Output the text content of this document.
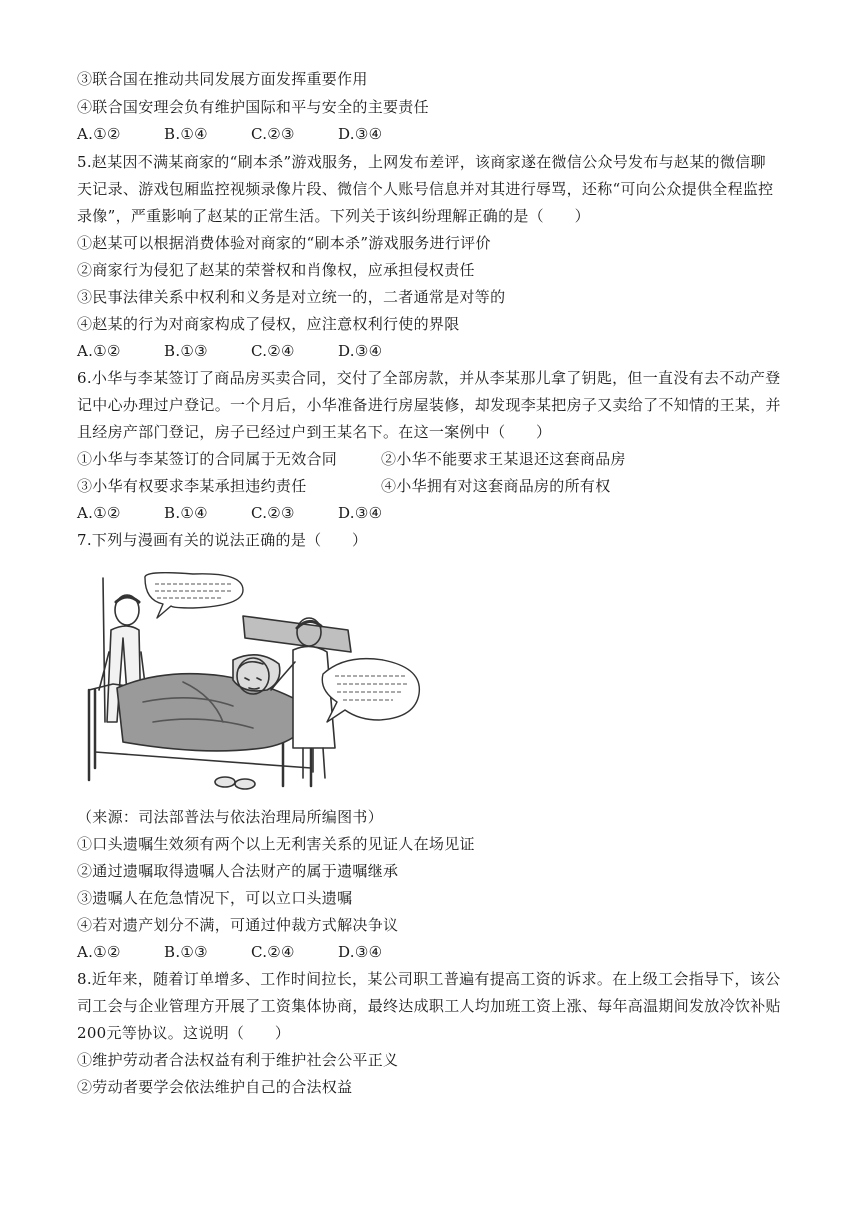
③联合国在推动共同发展方面发挥重要作用
④联合国安理会负有维护国际和平与安全的主要责任
A.①②	B.①④	C.②③	D.③④
5.赵某因不满某商家的“刷本杀”游戏服务，上网发布差评，该商家遂在微信公众号发布与赵某的微信聊
天记录、游戏包厢监控视频录像片段、微信个人账号信息并对其进行辱骂，还称“可向公众提供全程监控
录像”，严重影响了赵某的正常生活。下列关于该纠纷理解正确的是（　　）
①赵某可以根据消费体验对商家的“刷本杀”游戏服务进行评价
②商家行为侵犯了赵某的荣誉权和肖像权，应承担侵权责任
③民事法律关系中权利和义务是对立统一的，二者通常是对等的
④赵某的行为对商家构成了侵权，应注意权利行使的界限
A.①②	B.①③	C.②④	D.③④
6.小华与李某签订了商品房买卖合同，交付了全部房款，并从李某那儿拿了钥匙，但一直没有去不动产登
记中心办理过户登记。一个月后，小华准备进行房屋装修，却发现李某把房子又卖给了不知情的王某，并
且经房产部门登记，房子已经过户到王某名下。在这一案例中（　　）
①小华与李某签订的合同属于无效合同	②小华不能要求王某退还这套商品房
③小华有权要求李某承担违约责任	④小华拥有对这套商品房的所有权
A.①②	B.①④	C.②③	D.③④
7.下列与漫画有关的说法正确的是（　　）
（来源：司法部普法与依法治理局所编图书）
①口头遗嘱生效须有两个以上无利害关系的见证人在场见证
②通过遗嘱取得遗嘱人合法财产的属于遗嘱继承
③遗嘱人在危急情况下，可以立口头遗嘱
④若对遗产划分不满，可通过仲裁方式解决争议
A.①②	B.①③	C.②④	D.③④
8.近年来，随着订单增多、工作时间拉长，某公司职工普遍有提高工资的诉求。在上级工会指导下，该公
司工会与企业管理方开展了工资集体协商，最终达成职工人均加班工资上涨、每年高温期间发放冷饮补贴
200元等协议。这说明（　　）
①维护劳动者合法权益有利于维护社会公平正义
②劳动者要学会依法维护自己的合法权益
